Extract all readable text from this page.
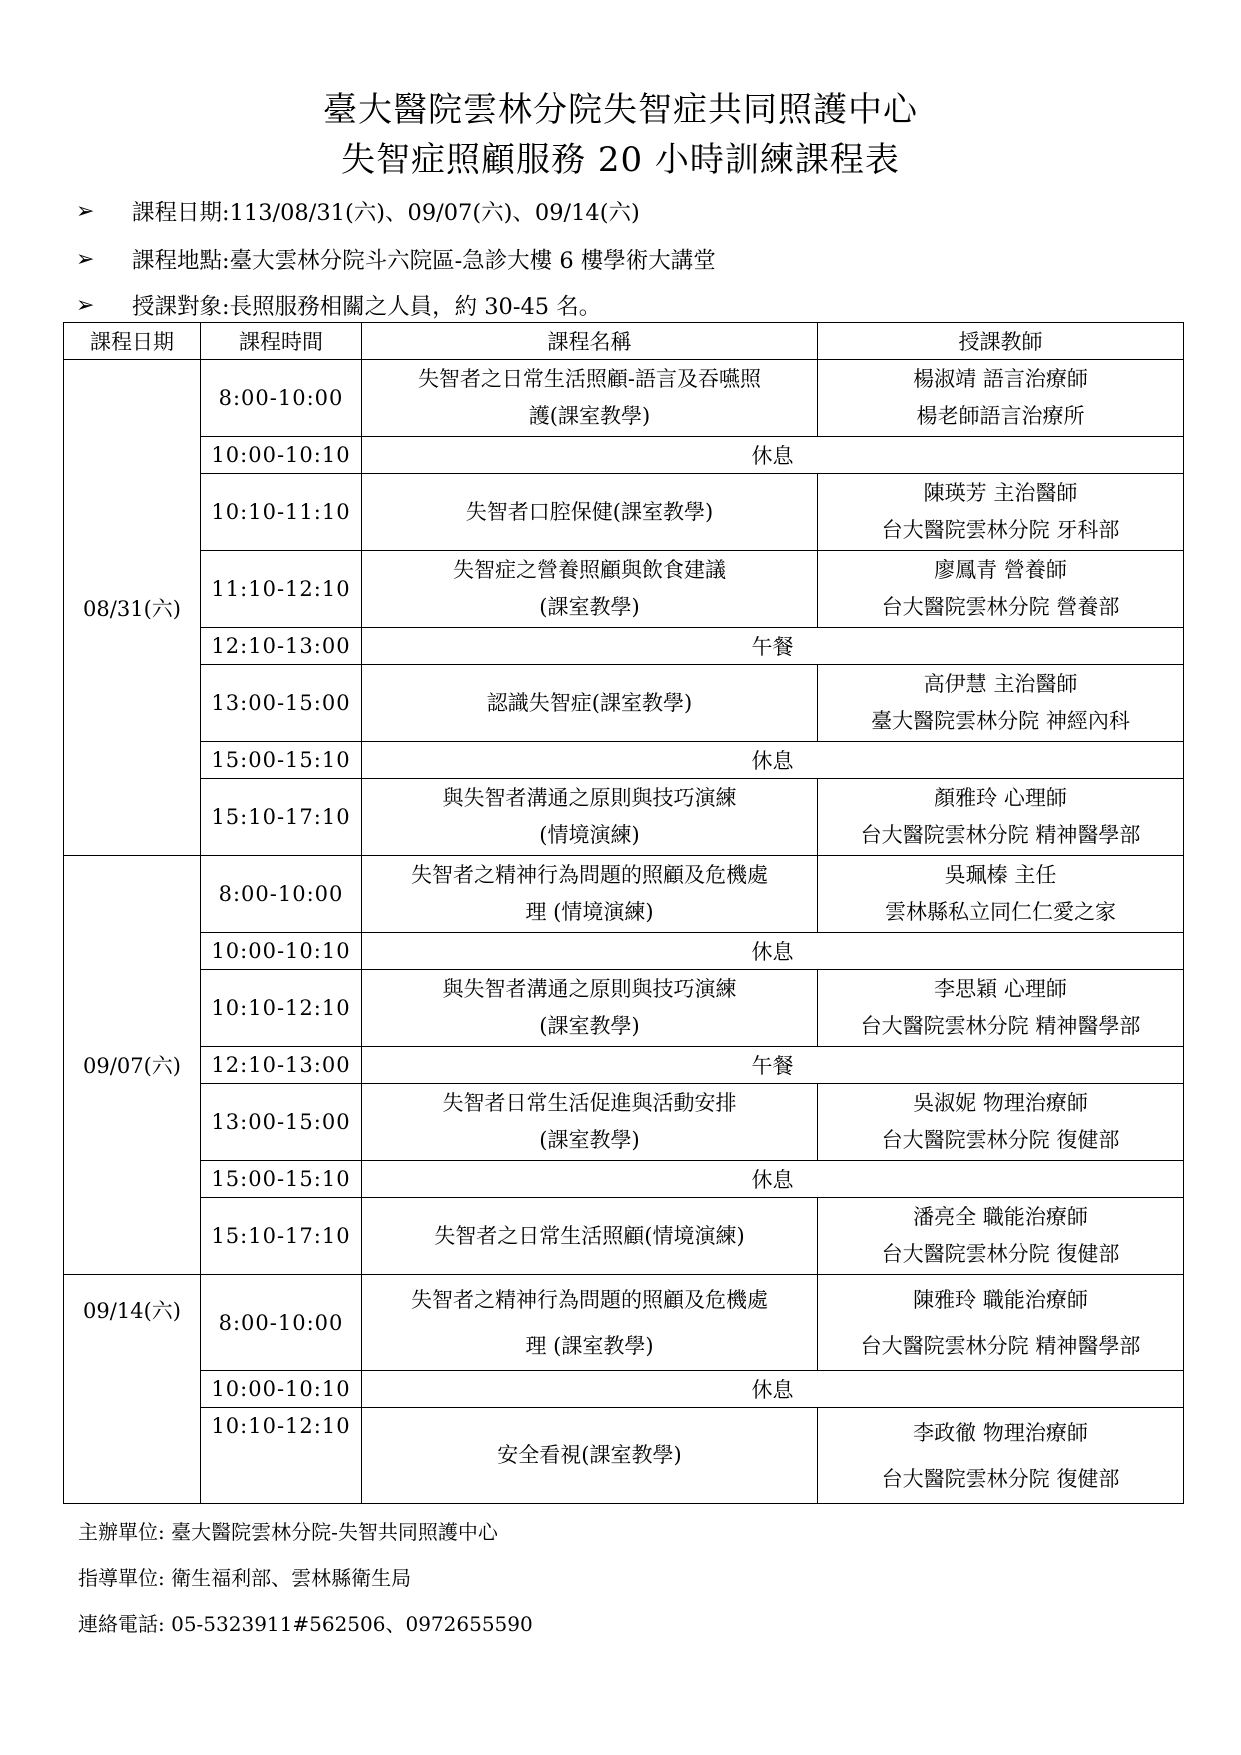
臺大醫院雲林分院失智症共同照護中心
失智症照顧服務 20 小時訓練課程表
➢	課程日期:113/08/31(六)、09/07(六)、09/14(六)
➢	課程地點:臺大雲林分院斗六院區-急診大樓 6 樓學術大講堂
➢	授課對象:長照服務相關之人員，約 30-45 名。
課程日期	課程時間	課程名稱	授課教師
08/31(六)	8:00-10:00	失智者之日常生活照顧-語言及吞嚥照
護(課室教學)	楊淑靖 語言治療師
楊老師語言治療所

	10:00-10:10	休息	
	10:10-11:10	失智者口腔保健(課室教學)	陳瑛芳 主治醫師
台大醫院雲林分院 牙科部

	11:10-12:10	失智症之營養照顧與飲食建議
(課室教學)	廖鳳青 營養師
台大醫院雲林分院 營養部

	12:10-13:00	午餐	
	13:00-15:00	認識失智症(課室教學)	高伊慧 主治醫師
臺大醫院雲林分院 神經內科

	15:00-15:10	休息	
	15:10-17:10	與失智者溝通之原則與技巧演練
(情境演練)	顏雅玲 心理師
台大醫院雲林分院 精神醫學部

09/07(六)	8:00-10:00	失智者之精神行為問題的照顧及危機處
理 (情境演練)	吳珮榛 主任
雲林縣私立同仁仁愛之家

	10:00-10:10	休息	
	10:10-12:10	與失智者溝通之原則與技巧演練
(課室教學)	李思穎 心理師
台大醫院雲林分院 精神醫學部

	12:10-13:00	午餐	
	13:00-15:00	失智者日常生活促進與活動安排
(課室教學)	吳淑妮 物理治療師
台大醫院雲林分院 復健部

	15:00-15:10	休息	
	15:10-17:10	失智者之日常生活照顧(情境演練)	潘亮全 職能治療師
台大醫院雲林分院 復健部

09/14(六)	8:00-10:00	失智者之精神行為問題的照顧及危機處
理 (課室教學)	陳雅玲 職能治療師
台大醫院雲林分院 精神醫學部

	10:00-10:10	休息	
	10:10-12:10	安全看視(課室教學)	李政徹 物理治療師
台大醫院雲林分院 復健部
主辦單位: 臺大醫院雲林分院-失智共同照護中心
指導單位: 衛生福利部、雲林縣衛生局
連絡電話: 05-5323911#562506、0972655590
